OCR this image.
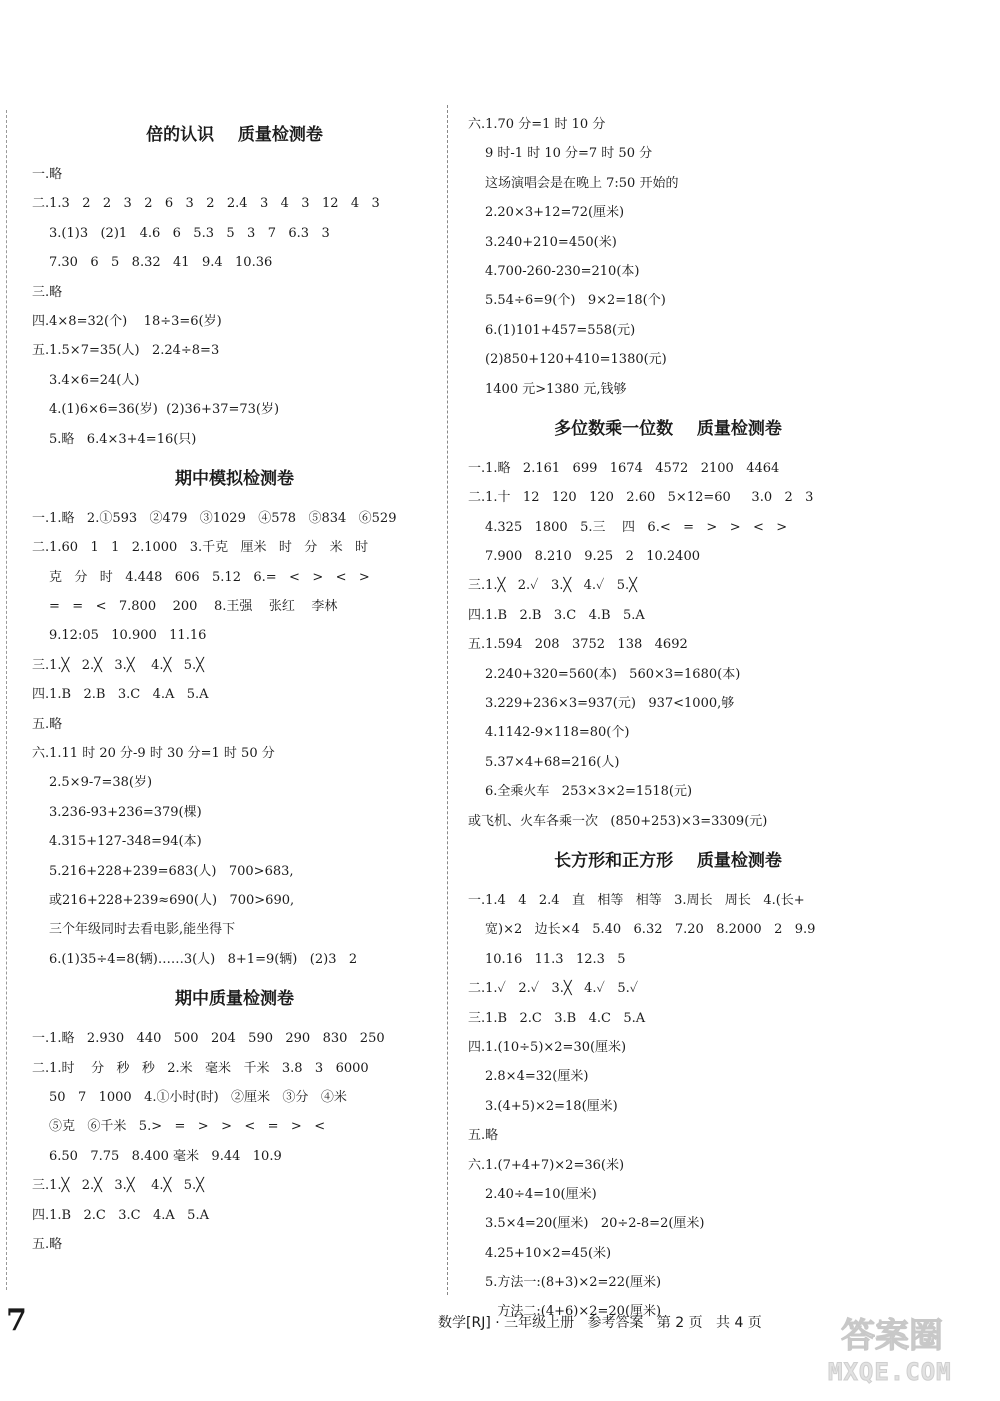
倍的认识    质量检测卷
一.略
二.1.3   2   2   3   2   6   3   2   2.4   3   4   3   12   4   3
3.(1)3   (2)1   4.6   6   5.3   5   3   7   6.3   3
7.30   6   5   8.32   41   9.4   10.36
三.略
四.4×8=32(个)    18÷3=6(岁)
五.1.5×7=35(人)   2.24÷8=3
3.4×6=24(人)
4.(1)6×6=36(岁)  (2)36+37=73(岁)
5.略   6.4×3+4=16(只)
期中模拟检测卷
一.1.略   2.①593   ②479   ③1029   ④578   ⑤834   ⑥529
二.1.60   1   1   2.1000   3.千克   厘米   时   分   米   时
克   分   时   4.448   606   5.12   6.=   <   >   <   >
=   =   <   7.800    200    8.王强    张红    李林
9.12:05   10.900   11.16
三.1.╳   2.╳   3.╳    4.╳   5.╳
四.1.B   2.B   3.C   4.A   5.A
五.略
六.1.11 时 20 分-9 时 30 分=1 时 50 分
2.5×9-7=38(岁)
3.236-93+236=379(棵)
4.315+127-348=94(本)
5.216+228+239=683(人)   700>683,
或216+228+239≈690(人)   700>690,
三个年级同时去看电影,能坐得下
6.(1)35÷4=8(辆)……3(人)   8+1=9(辆)   (2)3   2
期中质量检测卷
一.1.略   2.930   440   500   204   590   290   830   250
二.1.时    分   秒   秒   2.米   毫米   千米   3.8   3   6000
50   7   1000   4.①小时(时)   ②厘米   ③分   ④米
⑤克   ⑥千米   5.>   =   >   >   <   =   >   <
6.50   7.75   8.400 毫米   9.44   10.9
三.1.╳   2.╳   3.╳    4.╳   5.╳
四.1.B   2.C   3.C   4.A   5.A
五.略
六.1.70 分=1 时 10 分
9 时-1 时 10 分=7 时 50 分
这场演唱会是在晚上 7:50 开始的
2.20×3+12=72(厘米)
3.240+210=450(米)
4.700-260-230=210(本)
5.54÷6=9(个)   9×2=18(个)
6.(1)101+457=558(元)
(2)850+120+410=1380(元)
1400 元>1380 元,钱够
多位数乘一位数    质量检测卷
一.1.略   2.161   699   1674   4572   2100   4464
二.1.十   12   120   120   2.60   5×12=60     3.0   2   3
4.325   1800   5.三    四   6.<   =   >   >   <   >
7.900   8.210   9.25   2   10.2400
三.1.╳   2.✓   3.╳   4.✓   5.╳
四.1.B   2.B   3.C   4.B   5.A
五.1.594   208   3752   138   4692
2.240+320=560(本)   560×3=1680(本)
3.229+236×3=937(元)   937<1000,够
4.1142-9×118=80(个)
5.37×4+68=216(人)
6.全乘火车   253×3×2=1518(元)
或飞机、火车各乘一次   (850+253)×3=3309(元)
长方形和正方形    质量检测卷
一.1.4   4   2.4   直   相等   相等   3.周长   周长   4.(长+
宽)×2   边长×4   5.40   6.32   7.20   8.2000   2   9.9
10.16   11.3   12.3   5
二.1.✓   2.✓   3.╳   4.✓   5.✓
三.1.B   2.C   3.B   4.C   5.A
四.1.(10÷5)×2=30(厘米)
2.8×4=32(厘米)
3.(4+5)×2=18(厘米)
五.略
六.1.(7+4+7)×2=36(米)
2.40÷4=10(厘米)
3.5×4=20(厘米)   20÷2-8=2(厘米)
4.25+10×2=45(米)
5.方法一:(8+3)×2=22(厘米)
方法二:(4+6)×2=20(厘米)
7	数学[RJ] · 三年级上册   参考答案   第 2 页   共 4 页	答案圈
MXQE.COM
